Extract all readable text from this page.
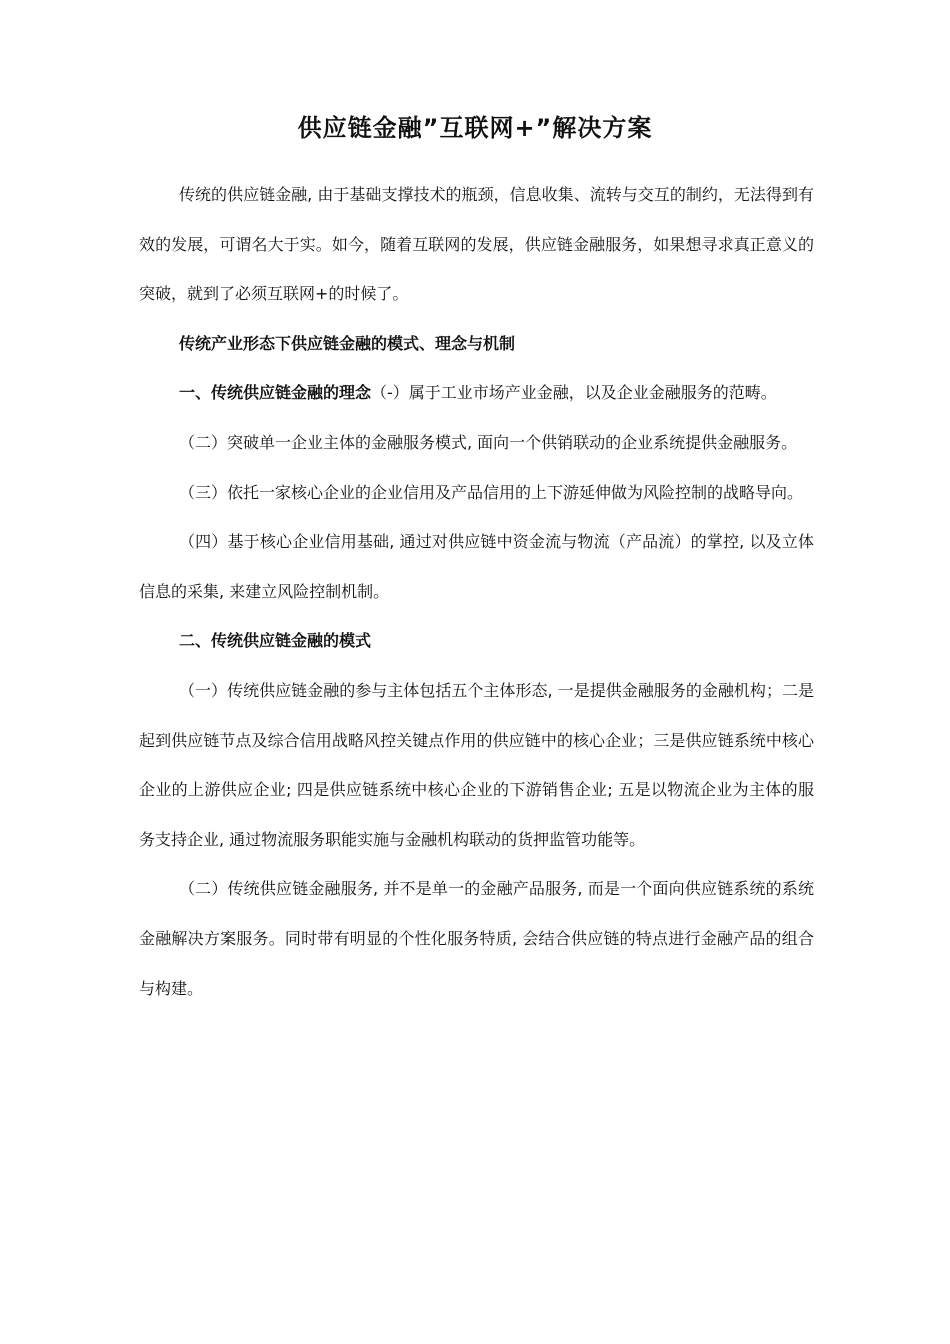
供应链金融”互联网+”解决方案

传统的供应链金融, 由于基础支撑技术的瓶颈，信息收集、流转与交互的制约，无法得到有效的发展，可谓名大于实。如今，随着互联网的发展，供应链金融服务，如果想寻求真正意义的突破，就到了必须互联网+的时候了。

传统产业形态下供应链金融的模式、理念与机制

一、传统供应链金融的理念（-）属于工业市场产业金融，以及企业金融服务的范畴。

（二）突破单一企业主体的金融服务模式, 面向一个供销联动的企业系统提供金融服务。

（三）依托一家核心企业的企业信用及产品信用的上下游延伸做为风险控制的战略导向。

（四）基于核心企业信用基础, 通过对供应链中资金流与物流（产品流）的掌控, 以及立体信息的采集, 来建立风险控制机制。

二、传统供应链金融的模式

（一）传统供应链金融的参与主体包括五个主体形态, 一是提供金融服务的金融机构；二是起到供应链节点及综合信用战略风控关键点作用的供应链中的核心企业；三是供应链系统中核心企业的上游供应企业; 四是供应链系统中核心企业的下游销售企业; 五是以物流企业为主体的服务支持企业, 通过物流服务职能实施与金融机构联动的货押监管功能等。

（二）传统供应链金融服务, 并不是单一的金融产品服务, 而是一个面向供应链系统的系统金融解决方案服务。同时带有明显的个性化服务特质, 会结合供应链的特点进行金融产品的组合与构建。
